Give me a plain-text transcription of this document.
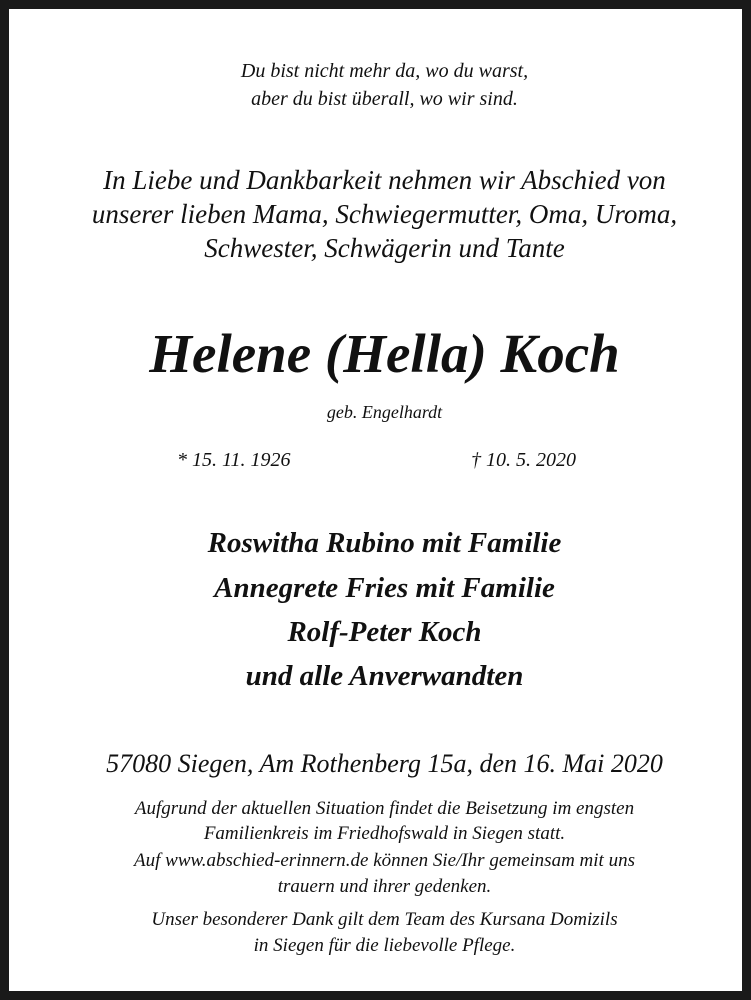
Du bist nicht mehr da, wo du warst,
aber du bist überall, wo wir sind.
In Liebe und Dankbarkeit nehmen wir Abschied von
unserer lieben Mama, Schwiegermutter, Oma, Uroma,
Schwester, Schwägerin und Tante
Helene (Hella) Koch
geb. Engelhardt
* 15. 11. 1926	† 10. 5. 2020
Roswitha Rubino mit Familie
Annegrete Fries mit Familie
Rolf-Peter Koch
und alle Anverwandten
57080 Siegen, Am Rothenberg 15a, den 16. Mai 2020
Aufgrund der aktuellen Situation findet die Beisetzung im engsten
Familienkreis im Friedhofswald in Siegen statt.
Auf www.abschied-erinnern.de können Sie/Ihr gemeinsam mit uns
trauern und ihrer gedenken.
Unser besonderer Dank gilt dem Team des Kursana Domizils
in Siegen für die liebevolle Pflege.
